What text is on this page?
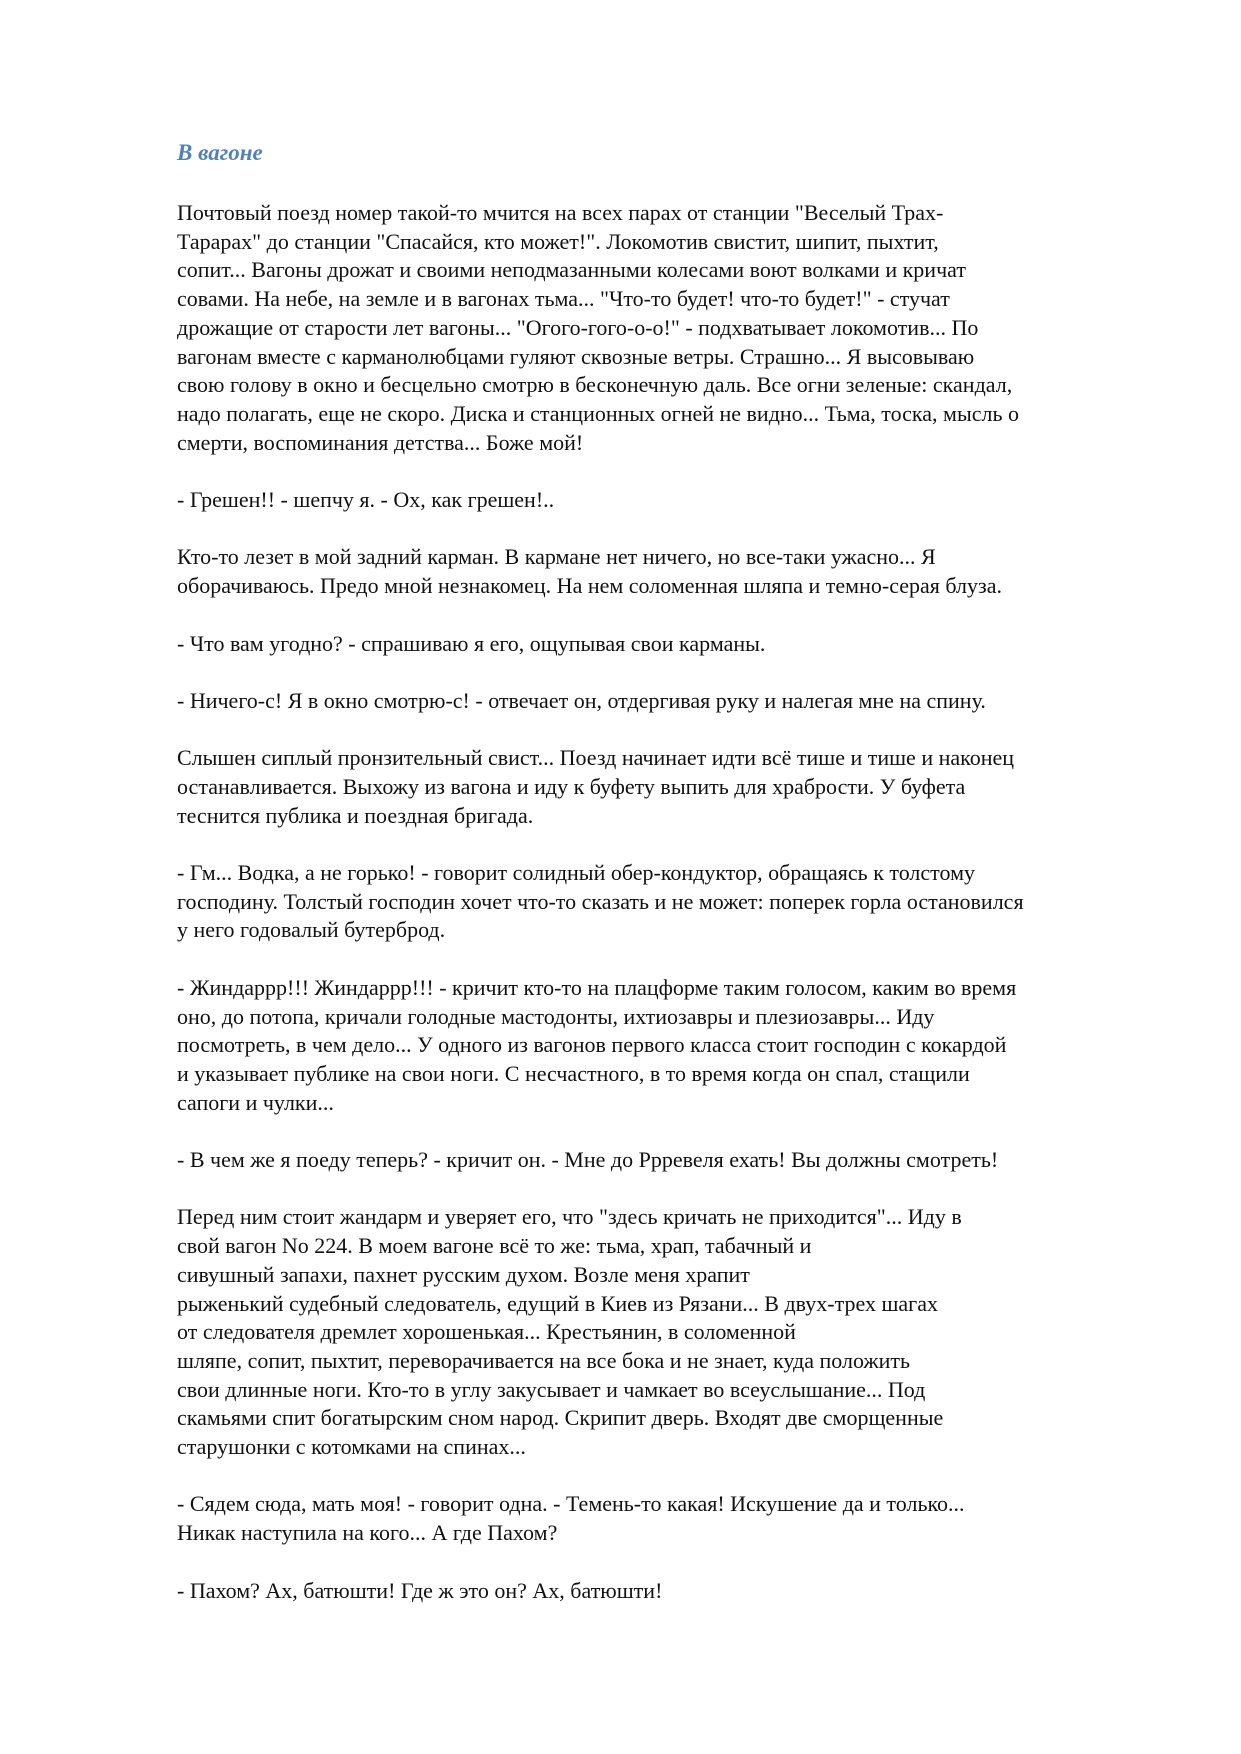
В вагоне

Почтовый поезд номер такой-то мчится на всех парах от станции "Веселый Трах-
Тарарах" до станции "Спасайся, кто может!". Локомотив свистит, шипит, пыхтит,
сопит... Вагоны дрожат и своими неподмазанными колесами воют волками и кричат
совами. На небе, на земле и в вагонах тьма... "Что-то будет! что-то будет!" - стучат
дрожащие от старости лет вагоны... "Огого-гого-о-о!" - подхватывает локомотив... По
вагонам вместе с карманолюбцами гуляют сквозные ветры. Страшно... Я высовываю
свою голову в окно и бесцельно смотрю в бесконечную даль. Все огни зеленые: скандал,
надо полагать, еще не скоро. Диска и станционных огней не видно... Тьма, тоска, мысль о
смерти, воспоминания детства... Боже мой!

- Грешен!! - шепчу я. - Ох, как грешен!..

Кто-то лезет в мой задний карман. В кармане нет ничего, но все-таки ужасно... Я
оборачиваюсь. Предо мной незнакомец. На нем соломенная шляпа и темно-серая блуза.

- Что вам угодно? - спрашиваю я его, ощупывая свои карманы.

- Ничего-с! Я в окно смотрю-с! - отвечает он, отдергивая руку и налегая мне на спину.

Слышен сиплый пронзительный свист... Поезд начинает идти всё тише и тише и наконец
останавливается. Выхожу из вагона и иду к буфету выпить для храбрости. У буфета
теснится публика и поездная бригада.

- Гм... Водка, а не горько! - говорит солидный обер-кондуктор, обращаясь к толстому
господину. Толстый господин хочет что-то сказать и не может: поперек горла остановился
у него годовалый бутерброд.

- Жиндаррр!!! Жиндаррр!!! - кричит кто-то на плацформе таким голосом, каким во время
оно, до потопа, кричали голодные мастодонты, ихтиозавры и плезиозавры... Иду
посмотреть, в чем дело... У одного из вагонов первого класса стоит господин с кокардой
и указывает публике на свои ноги. С несчастного, в то время когда он спал, стащили
сапоги и чулки...

- В чем же я поеду теперь? - кричит он. - Мне до Ррревеля ехать! Вы должны смотреть!

Перед ним стоит жандарм и уверяет его, что "здесь кричать не приходится"... Иду в
свой вагон No 224. В моем вагоне всё то же: тьма, храп, табачный и
сивушный запахи, пахнет русским духом. Возле меня храпит
рыженький судебный следователь, едущий в Киев из Рязани... В двух-трех шагах
от следователя дремлет хорошенькая... Крестьянин, в соломенной
шляпе, сопит, пыхтит, переворачивается на все бока и не знает, куда положить
свои длинные ноги. Кто-то в углу закусывает и чамкает во всеуслышание... Под
скамьями спит богатырским сном народ. Скрипит дверь. Входят две сморщенные
старушонки с котомками на спинах...

- Сядем сюда, мать моя! - говорит одна. - Темень-то какая! Искушение да и только...
Никак наступила на кого... А где Пахом?

- Пахом? Ах, батюшти! Где ж это он? Ах, батюшти!
